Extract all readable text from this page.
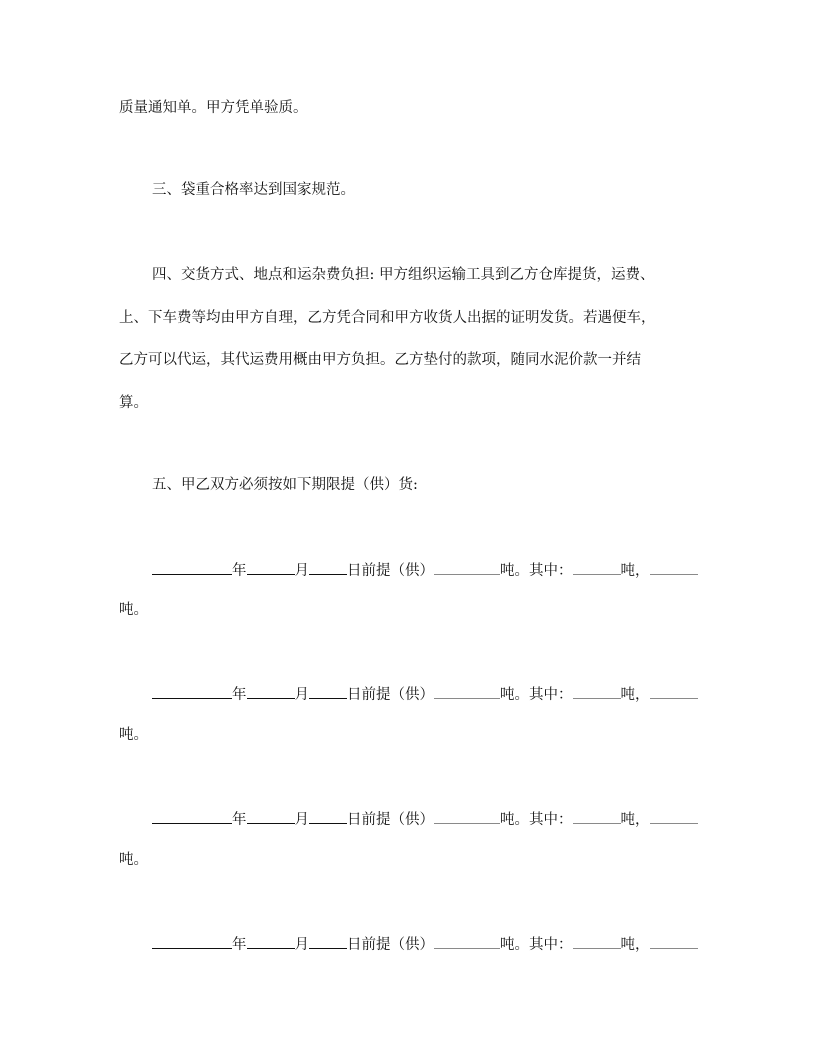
质量通知单。甲方凭单验质。
三、袋重合格率达到国家规范。
四、交货方式、地点和运杂费负担: 甲方组织运输工具到乙方仓库提货，运费、
上、下车费等均由甲方自理，乙方凭合同和甲方收货人出据的证明发货。若遇便车，
乙方可以代运，其代运费用概由甲方负担。乙方垫付的款项，随同水泥价款一并结
算。
五、甲乙双方必须按如下期限提（供）货:
年	月	日前提（供）	吨。其中：	吨，
吨。
年	月	日前提（供）	吨。其中：	吨，
吨。
年	月	日前提（供）	吨。其中：	吨，
吨。
年	月	日前提（供）	吨。其中：	吨，
